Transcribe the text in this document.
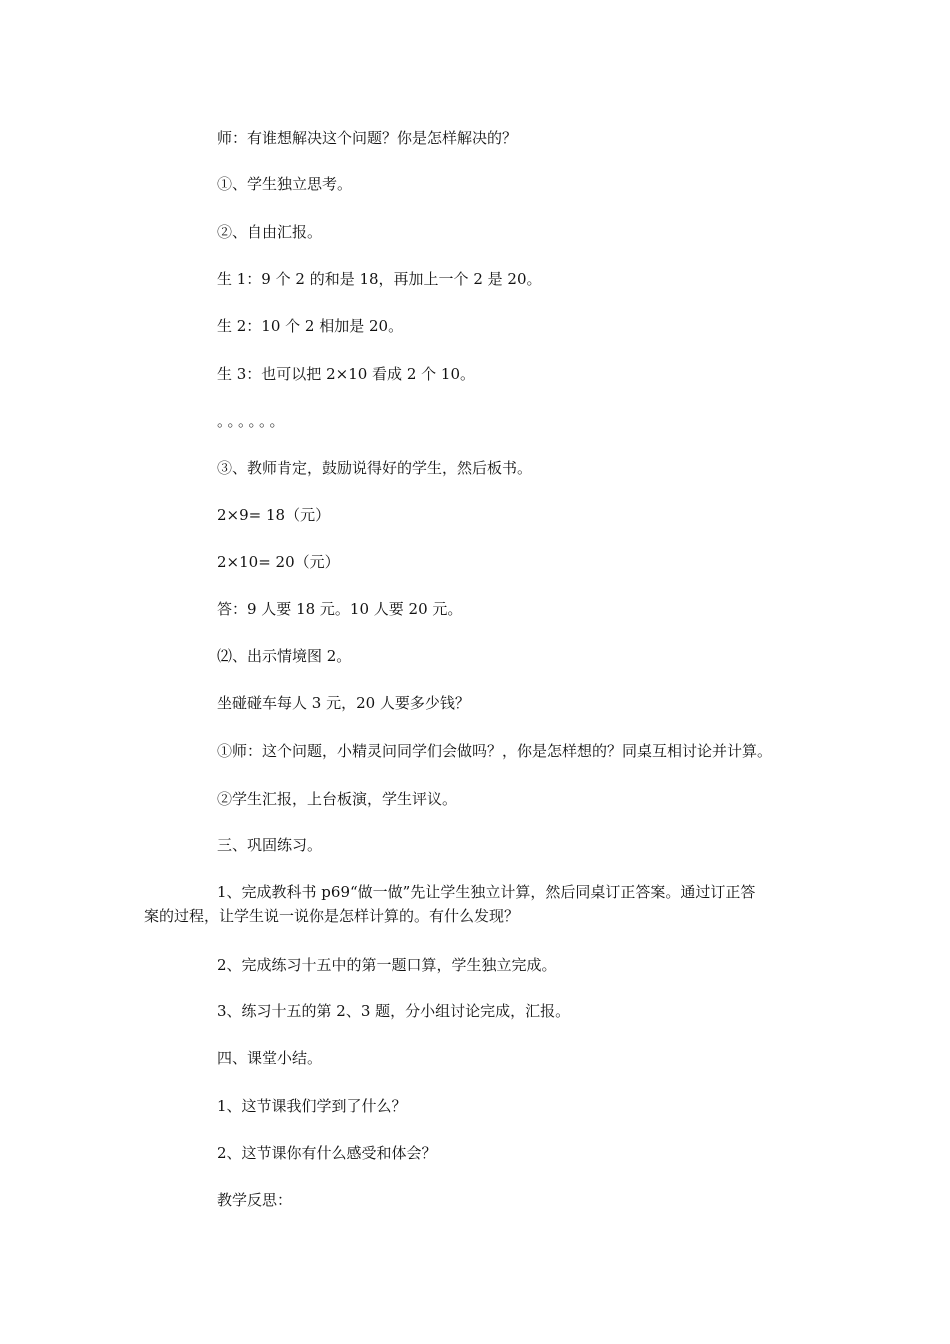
师：有谁想解决这个问题？你是怎样解决的？
①、学生独立思考。
②、自由汇报。
生 1：9 个 2 的和是 18，再加上一个 2 是 20。
生 2：10 个 2 相加是 20。
生 3：也可以把 2×10 看成 2 个 10。
。。。。。。
③、教师肯定，鼓励说得好的学生，然后板书。
2×9= 18（元）
2×10= 20（元）
答：9 人要 18 元。10 人要 20 元。
⑵、出示情境图 2。
坐碰碰车每人 3 元，20 人要多少钱？
①师：这个问题，小精灵问同学们会做吗？，你是怎样想的？同桌互相讨论并计算。
②学生汇报，上台板演，学生评议。
三、巩固练习。
1、完成教科书 p69“做一做”先让学生独立计算，然后同桌订正答案。通过订正答
案的过程，让学生说一说你是怎样计算的。有什么发现？
2、完成练习十五中的第一题口算，学生独立完成。
3、练习十五的第 2、3 题，分小组讨论完成，汇报。
四、课堂小结。
1、这节课我们学到了什么？
2、这节课你有什么感受和体会？
教学反思：
